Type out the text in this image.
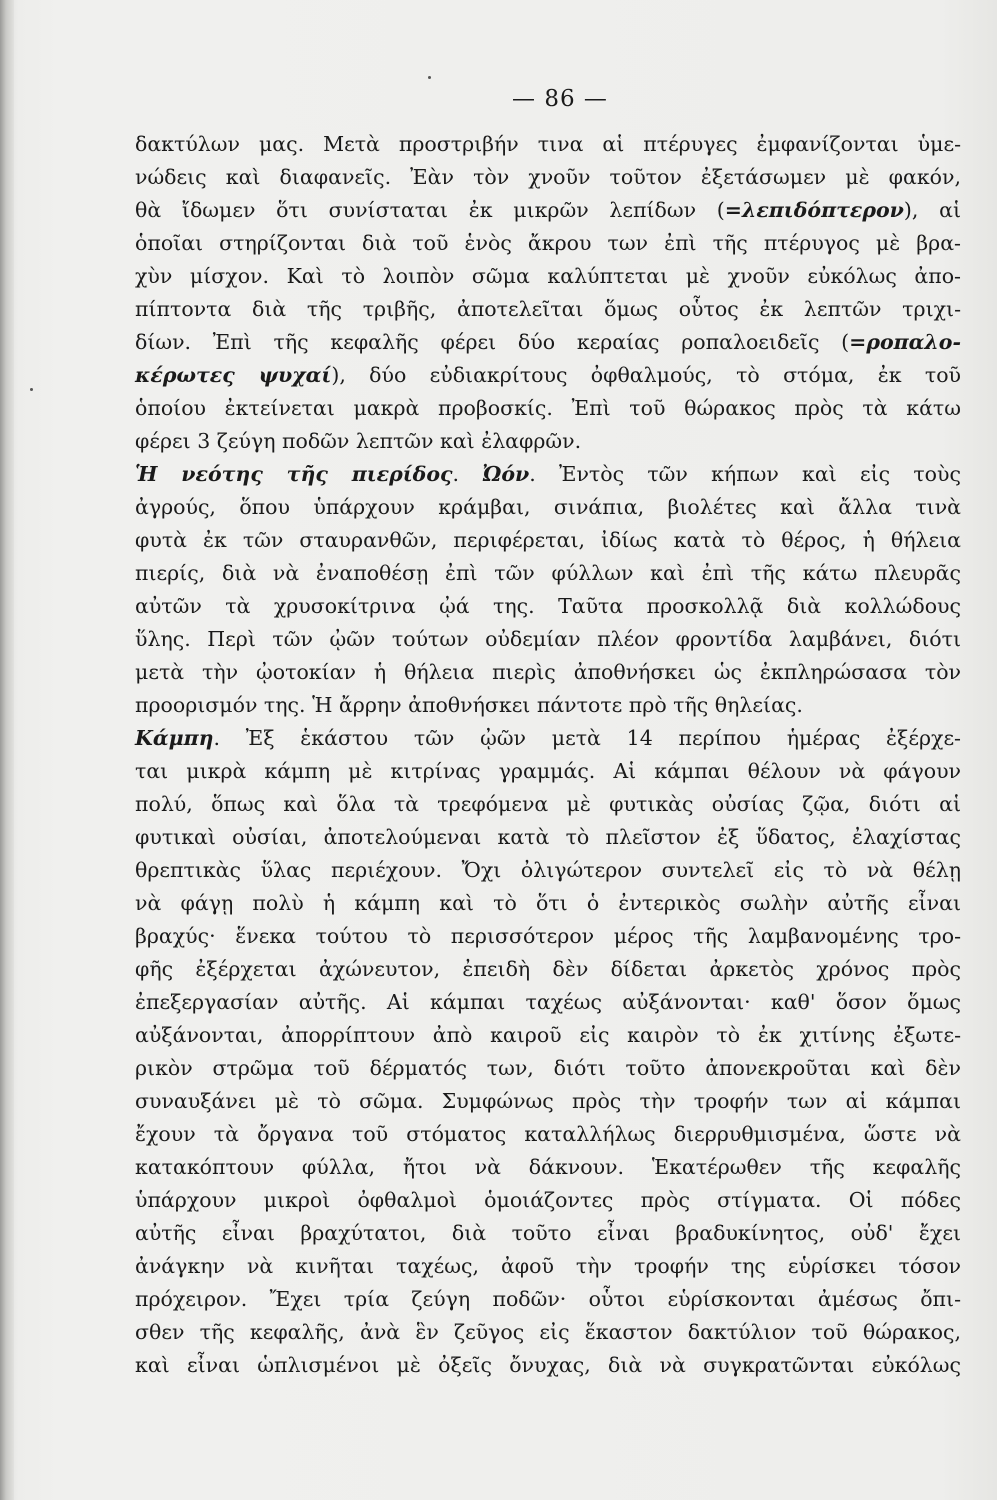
— 86 —
δακτύλων μας. Μετὰ προστριβήν τινα αἱ πτέρυγες ἐμφανίζονται ὑμε-
νώδεις καὶ διαφανεῖς. Ἐὰν τὸν χνοῦν τοῦτον ἐξετάσωμεν μὲ φακόν,
θὰ ἴδωμεν ὅτι συνίσταται ἐκ μικρῶν λεπίδων (=λεπιδόπτερον), αἱ
ὁποῖαι στηρίζονται διὰ τοῦ ἑνὸς ἄκρου των ἐπὶ τῆς πτέρυγος μὲ βρα-
χὺν μίσχον. Καὶ τὸ λοιπὸν σῶμα καλύπτεται μὲ χνοῦν εὐκόλως ἀπο-
πίπτοντα διὰ τῆς τριβῆς, ἀποτελεῖται ὅμως οὗτος ἐκ λεπτῶν τριχι-
δίων. Ἐπὶ τῆς κεφαλῆς φέρει δύο κεραίας ροπαλοειδεῖς (=ροπαλο-
κέρωτες ψυχαί), δύο εὐδιακρίτους ὀφθαλμούς, τὸ στόμα, ἐκ τοῦ
ὁποίου ἐκτείνεται μακρὰ προβοσκίς. Ἐπὶ τοῦ θώρακος πρὸς τὰ κάτω
φέρει 3 ζεύγη ποδῶν λεπτῶν καὶ ἐλαφρῶν.
Ἡ νεότης τῆς πιερίδος. Ὠόν. Ἐντὸς τῶν κήπων καὶ εἰς τοὺς
ἀγρούς, ὅπου ὑπάρχουν κράμβαι, σινάπια, βιολέτες καὶ ἄλλα τινὰ
φυτὰ ἐκ τῶν σταυρανθῶν, περιφέρεται, ἰδίως κατὰ τὸ θέρος, ἡ θήλεια
πιερίς, διὰ νὰ ἐναποθέσῃ ἐπὶ τῶν φύλλων καὶ ἐπὶ τῆς κάτω πλευρᾶς
αὐτῶν τὰ χρυσοκίτρινα ᾠά της. Ταῦτα προσκολλᾷ διὰ κολλώδους
ὕλης. Περὶ τῶν ᾠῶν τούτων οὐδεμίαν πλέον φροντίδα λαμβάνει, διότι
μετὰ τὴν ᾠοτοκίαν ἡ θήλεια πιερὶς ἀποθνήσκει ὡς ἐκπληρώσασα τὸν
προορισμόν της. Ἡ ἄρρην ἀποθνήσκει πάντοτε πρὸ τῆς θηλείας.
Κάμπη. Ἐξ ἑκάστου τῶν ᾠῶν μετὰ 14 περίπου ἡμέρας ἐξέρχε-
ται μικρὰ κάμπη μὲ κιτρίνας γραμμάς. Αἱ κάμπαι θέλουν νὰ φάγουν
πολύ, ὅπως καὶ ὅλα τὰ τρεφόμενα μὲ φυτικὰς οὐσίας ζῷα, διότι αἱ
φυτικαὶ οὐσίαι, ἀποτελούμεναι κατὰ τὸ πλεῖστον ἐξ ὕδατος, ἐλαχίστας
θρεπτικὰς ὕλας περιέχουν. Ὄχι ὀλιγώτερον συντελεῖ εἰς τὸ νὰ θέλῃ
νὰ φάγῃ πολὺ ἡ κάμπη καὶ τὸ ὅτι ὁ ἐντερικὸς σωλὴν αὐτῆς εἶναι
βραχύς· ἕνεκα τούτου τὸ περισσότερον μέρος τῆς λαμβανομένης τρο-
φῆς ἐξέρχεται ἀχώνευτον, ἐπειδὴ δὲν δίδεται ἀρκετὸς χρόνος πρὸς
ἐπεξεργασίαν αὐτῆς. Αἱ κάμπαι ταχέως αὐξάνονται· καθ' ὅσον ὅμως
αὐξάνονται, ἀπορρίπτουν ἀπὸ καιροῦ εἰς καιρὸν τὸ ἐκ χιτίνης ἐξωτε-
ρικὸν στρῶμα τοῦ δέρματός των, διότι τοῦτο ἀπονεκροῦται καὶ δὲν
συναυξάνει μὲ τὸ σῶμα. Συμφώνως πρὸς τὴν τροφήν των αἱ κάμπαι
ἔχουν τὰ ὄργανα τοῦ στόματος καταλλήλως διερρυθμισμένα, ὥστε νὰ
κατακόπτουν φύλλα, ἤτοι νὰ δάκνουν. Ἑκατέρωθεν τῆς κεφαλῆς
ὑπάρχουν μικροὶ ὀφθαλμοὶ ὁμοιάζοντες πρὸς στίγματα. Οἱ πόδες
αὐτῆς εἶναι βραχύτατοι, διὰ τοῦτο εἶναι βραδυκίνητος, οὐδ' ἔχει
ἀνάγκην νὰ κινῆται ταχέως, ἀφοῦ τὴν τροφήν της εὑρίσκει τόσον
πρόχειρον. Ἔχει τρία ζεύγη ποδῶν· οὗτοι εὑρίσκονται ἀμέσως ὄπι-
σθεν τῆς κεφαλῆς, ἀνὰ ἓν ζεῦγος εἰς ἕκαστον δακτύλιον τοῦ θώρακος,
καὶ εἶναι ὡπλισμένοι μὲ ὀξεῖς ὄνυχας, διὰ νὰ συγκρατῶνται εὐκόλως
